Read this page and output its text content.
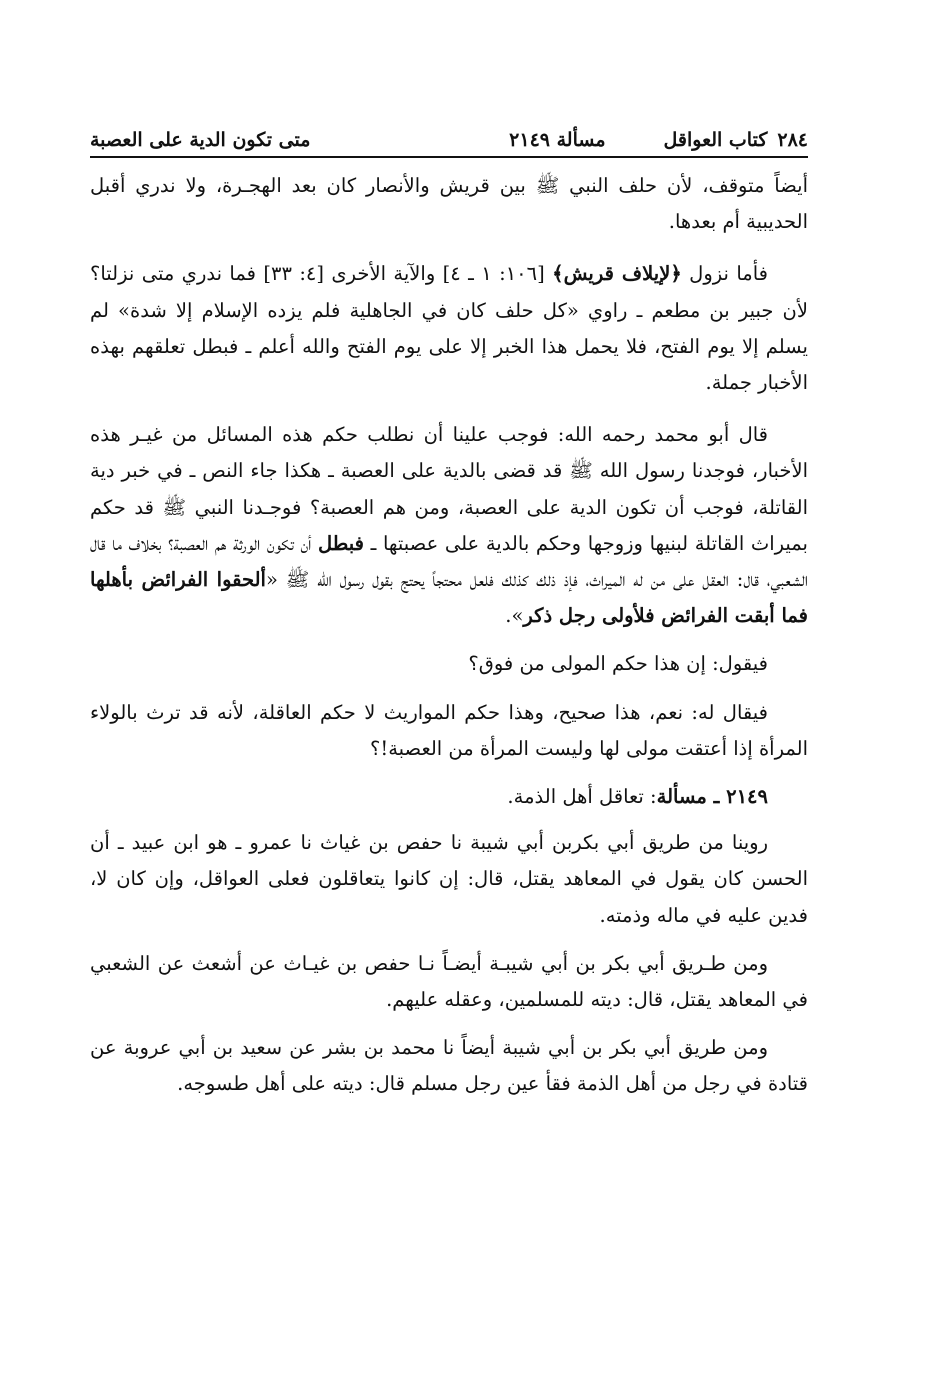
٢٨٤
كتاب العواقل
مسألة ٢١٤٩
متى تكون الدية على العصبة

أيضاً متوقف، لأن حلف النبي ﷺ بين قريش والأنصار كان بعد الهجـرة، ولا ندري أقبل الحديبية أم بعدها.

فأما نزول ﴿لإيلاف قريش﴾ [١٠٦: ١ ـ ٤] والآية الأخرى [٤: ٣٣] فما ندري متى نزلتا؟ لأن جبير بن مطعم ـ راوي «كل حلف كان في الجاهلية فلم يزده الإسلام إلا شدة» لم يسلم إلا يوم الفتح، فلا يحمل هذا الخبر إلا على يوم الفتح والله أعلم ـ فبطل تعلقهم بهذه الأخبار جملة.

قال أبو محمد رحمه الله: فوجب علينا أن نطلب حكم هذه المسائل من غيـر هذه الأخبار، فوجدنا رسول الله ﷺ قد قضى بالدية على العصبة ـ هكذا جاء النص ـ في خبر دية القاتلة، فوجب أن تكون الدية على العصبة، ومن هم العصبة؟ فوجـدنا النبي ﷺ قد حكم بميراث القاتلة لبنيها وزوجها وحكم بالدية على عصبتها ـ فبطل أن تكون الورثة هم العصبة؟ بخلاف ما قال الشعبي، قال: العقل على من له الميراث، فإذ ذلك كذلك فلعل محتجاً يحتج بقول رسول الله ﷺ «ألحقوا الفرائض بأهلها فما أبقت الفرائض فلأولى رجل ذكر».

فيقول: إن هذا حكم المولى من فوق؟

فيقال له: نعم، هذا صحيح، وهذا حكم المواريث لا حكم العاقلة، لأنه قد ترث بالولاء المرأة إذا أعتقت مولى لها وليست المرأة من العصبة!؟

٢١٤٩ ـ مسألة: تعاقل أهل الذمة.

روينا من طريق أبي بكربن أبي شيبة نا حفص بن غياث نا عمرو ـ هو ابن عبيد ـ أن الحسن كان يقول في المعاهد يقتل، قال: إن كانوا يتعاقلون فعلى العواقل، وإن كان لا، فدين عليه في ماله وذمته.

ومن طـريق أبي بكر بن أبي شيبـة أيضـاً نـا حفص بن غيـاث عن أشعث عن الشعبي في المعاهد يقتل، قال: ديته للمسلمين، وعقله عليهم.

ومن طريق أبي بكر بن أبي شيبة أيضاً نا محمد بن بشر عن سعيد بن أبي عروبة عن قتادة في رجل من أهل الذمة فقأ عين رجل مسلم قال: ديته على أهل طسوجه.
